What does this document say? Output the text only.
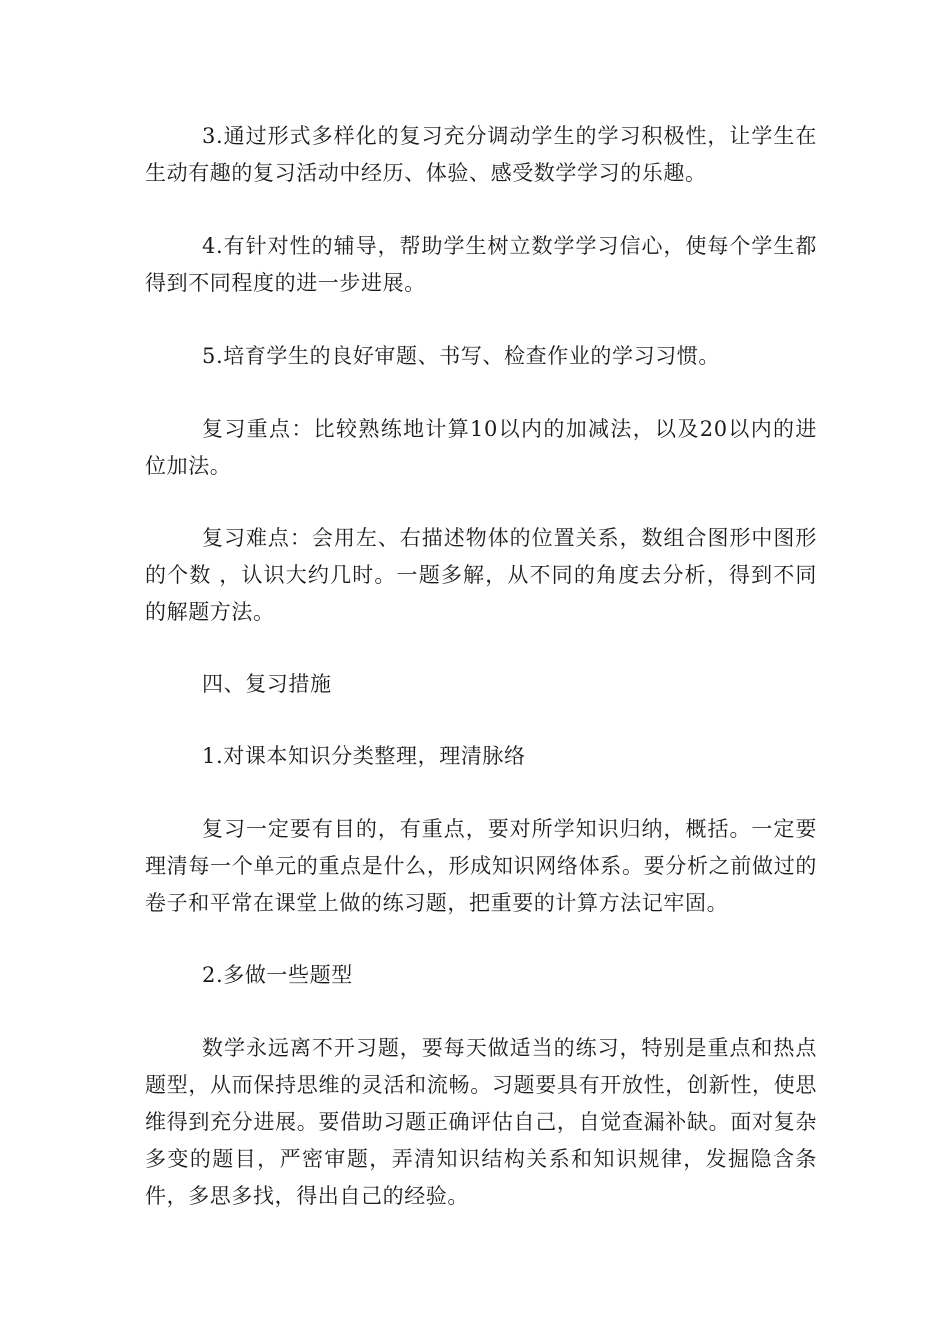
3.通过形式多样化的复习充分调动学生的学习积极性，让学生在生动有趣的复习活动中经历、体验、感受数学学习的乐趣。

4.有针对性的辅导，帮助学生树立数学学习信心，使每个学生都得到不同程度的进一步进展。

5.培育学生的良好审题、书写、检查作业的学习习惯。

复习重点：比较熟练地计算10以内的加减法，以及20以内的进位加法。

复习难点：会用左、右描述物体的位置关系，数组合图形中图形的个数 ，认识大约几时。一题多解，从不同的角度去分析，得到不同的解题方法。

四、复习措施

1.对课本知识分类整理，理清脉络

复习一定要有目的，有重点，要对所学知识归纳，概括。一定要理清每一个单元的重点是什么，形成知识网络体系。要分析之前做过的卷子和平常在课堂上做的练习题，把重要的计算方法记牢固。

2.多做一些题型

数学永远离不开习题，要每天做适当的练习，特别是重点和热点题型，从而保持思维的灵活和流畅。习题要具有开放性，创新性，使思维得到充分进展。要借助习题正确评估自己，自觉查漏补缺。面对复杂多变的题目，严密审题，弄清知识结构关系和知识规律，发掘隐含条件，多思多找，得出自己的经验。
